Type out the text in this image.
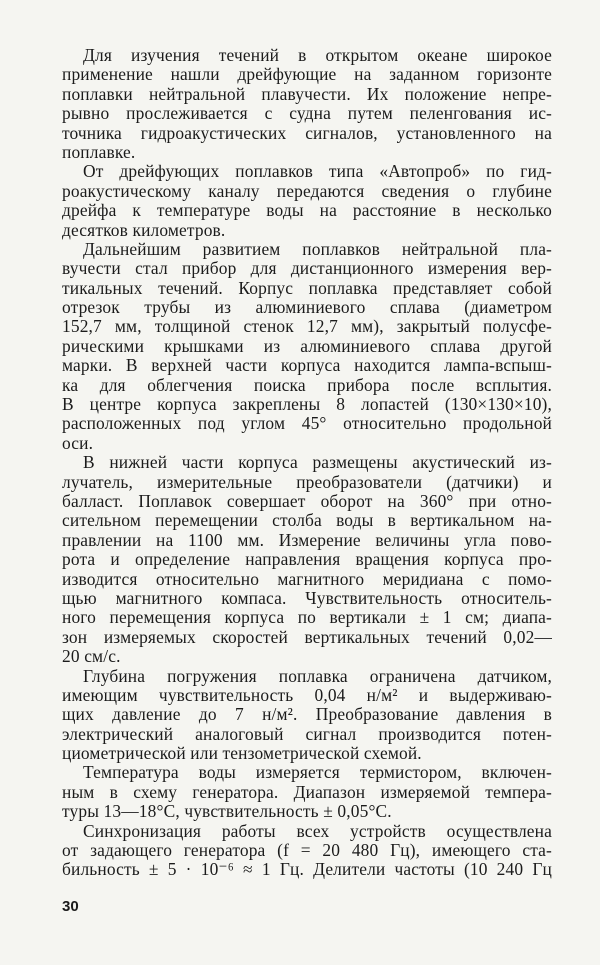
Для изучения течений в открытом океане широкое
применение нашли дрейфующие на заданном горизонте
поплавки нейтральной плавучести. Их положение непре-
рывно прослеживается с судна путем пеленгования ис-
точника гидроакустических сигналов, установленного на
поплавке.
От дрейфующих поплавков типа «Автопроб» по гид-
роакустическому каналу передаются сведения о глубине
дрейфа к температуре воды на расстояние в несколько
десятков километров.
Дальнейшим развитием поплавков нейтральной пла-
вучести стал прибор для дистанционного измерения вер-
тикальных течений. Корпус поплавка представляет собой
отрезок трубы из алюминиевого сплава (диаметром
152,7 мм, толщиной стенок 12,7 мм), закрытый полусфе-
рическими крышками из алюминиевого сплава другой
марки. В верхней части корпуса находится лампа-вспыш-
ка для облегчения поиска прибора после всплытия.
В центре корпуса закреплены 8 лопастей (130×130×10),
расположенных под углом 45° относительно продольной
оси.
В нижней части корпуса размещены акустический из-
лучатель, измерительные преобразователи (датчики) и
балласт. Поплавок совершает оборот на 360° при отно-
сительном перемещении столба воды в вертикальном на-
правлении на 1100 мм. Измерение величины угла пово-
рота и определение направления вращения корпуса про-
изводится относительно магнитного меридиана с помо-
щью магнитного компаса. Чувствительность относитель-
ного перемещения корпуса по вертикали ± 1 см; диапа-
зон измеряемых скоростей вертикальных течений 0,02—
20 см/с.
Глубина погружения поплавка ограничена датчиком,
имеющим чувствительность 0,04 н/м² и выдерживаю-
щих давление до 7 н/м². Преобразование давления в
электрический аналоговый сигнал производится потен-
циометрической или тензометрической схемой.
Температура воды измеряется термистором, включен-
ным в схему генератора. Диапазон измеряемой темпера-
туры 13—18°С, чувствительность ± 0,05°С.
Синхронизация работы всех устройств осуществлена
от задающего генератора (f = 20 480 Гц), имеющего ста-
бильность ± 5 · 10⁻⁶ ≈ 1 Гц. Делители частоты (10 240 Гц
30
